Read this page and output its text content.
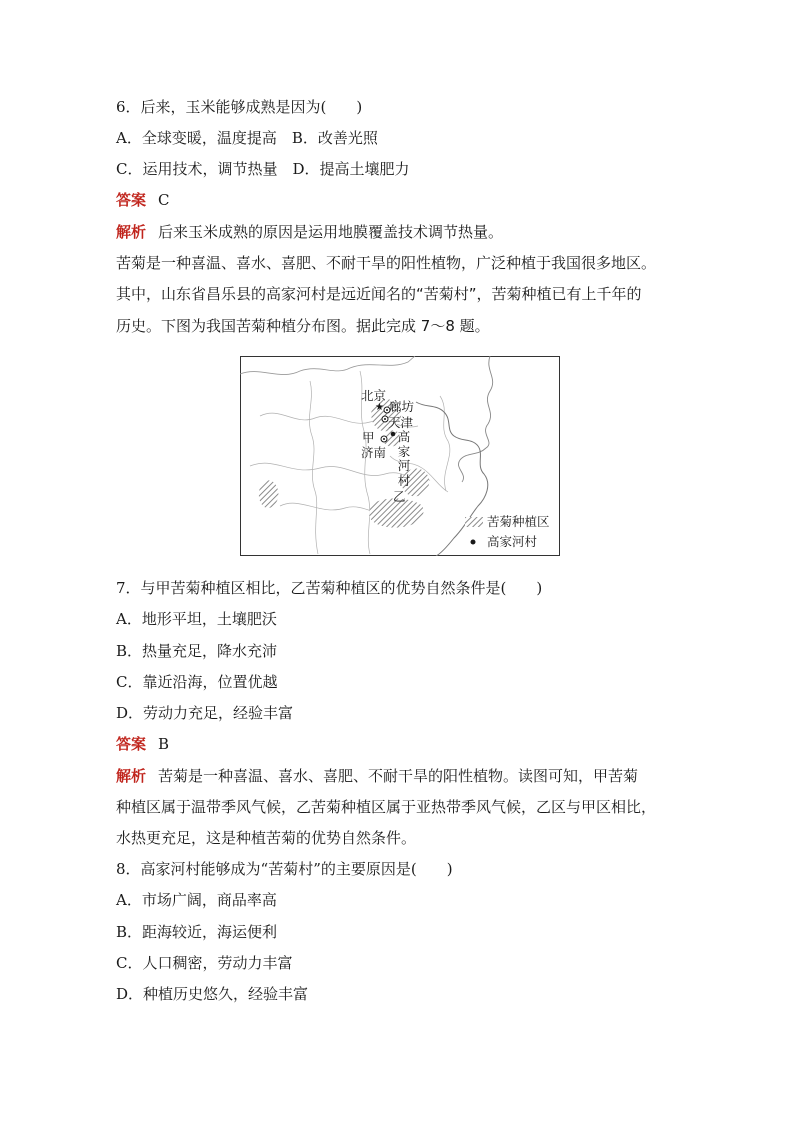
6．后来，玉米能够成熟是因为(　　)
A．全球变暖，温度提高　B．改善光照
C．运用技术，调节热量　D．提高土壤肥力
答案 C
解析 后来玉米成熟的原因是运用地膜覆盖技术调节热量。
苦菊是一种喜温、喜水、喜肥、不耐干旱的阳性植物，广泛种植于我国很多地区。
其中，山东省昌乐县的高家河村是远近闻名的“苦菊村”，苦菊种植已有上千年的
历史。下图为我国苦菊种植分布图。据此完成 7～8 题。
★
北京
廊坊
天津
甲
济南
高
家
河
村
乙
苦菊种植区
高家河村
7．与甲苦菊种植区相比，乙苦菊种植区的优势自然条件是(　　)
A．地形平坦，土壤肥沃
B．热量充足，降水充沛
C．靠近沿海，位置优越
D．劳动力充足，经验丰富
答案 B
解析 苦菊是一种喜温、喜水、喜肥、不耐干旱的阳性植物。读图可知，甲苦菊
种植区属于温带季风气候，乙苦菊种植区属于亚热带季风气候，乙区与甲区相比，
水热更充足，这是种植苦菊的优势自然条件。
8．高家河村能够成为“苦菊村”的主要原因是(　　)
A．市场广阔，商品率高
B．距海较近，海运便利
C．人口稠密，劳动力丰富
D．种植历史悠久，经验丰富
